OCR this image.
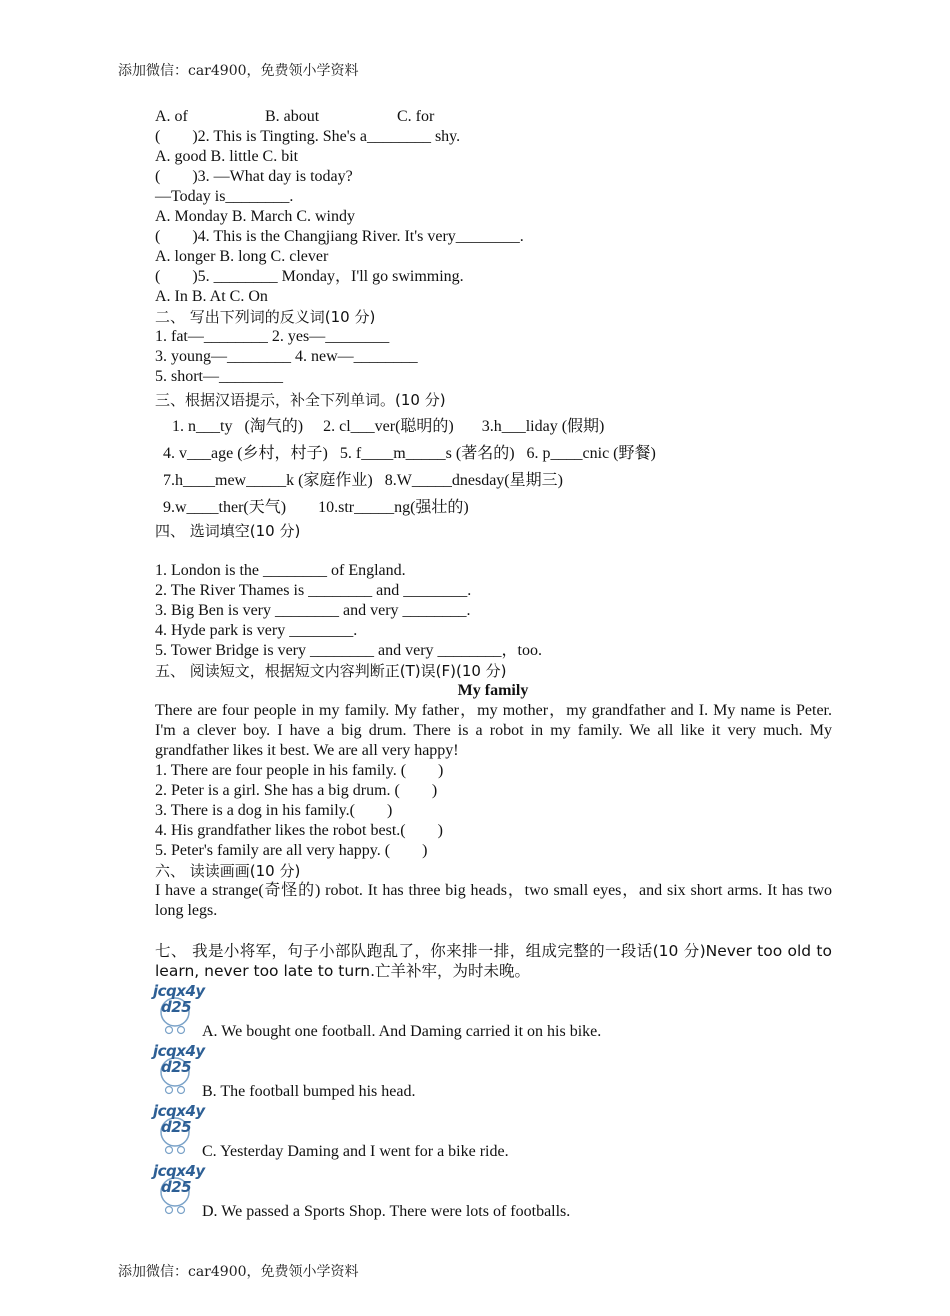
添加微信：car4900，免费领小学资料
A. of	B. about	C. for
(　　)2. This is Tingting. She's a________ shy.
A. good B. little C. bit
(　　)3. —What day is today?
—Today is________.
A. Monday B. March C. windy
(　　)4. This is the Changjiang River. It's very________.
A. longer B. long C. clever
(　　)5. ________ Monday，I'll go swimming.
A. In B. At C. On
二、 写出下列词的反义词(10 分)
1. fat—________ 2. yes—________
3. young—________ 4. new—________
5. short—________
三、根据汉语提示，补全下列单词。(10 分)
1. n___ty   (淘气的)     2. cl___ver(聪明的)       3.h___liday (假期)
4. v___age (乡村，村子)   5. f____m_____s (著名的)   6. p____cnic (野餐)
7.h____mew_____k (家庭作业)   8.W_____dnesday(星期三)
9.w____ther(天气)        10.str_____ng(强壮的)
四、 选词填空(10 分)
1. London is the ________ of England.
2. The River Thames is ________ and ________.
3. Big Ben is very ________ and very ________.
4. Hyde park is very ________.
5. Tower Bridge is very ________ and very ________，too.
五、 阅读短文，根据短文内容判断正(T)误(F)(10 分)
My family
There are four people in my family. My father，my mother，my grandfather and I. My name is Peter. I'm a clever boy. I have a big drum. There is a robot in my family. We all like it very much. My grandfather likes it best. We are all very happy!
1. There are four people in his family. (　　)
2. Peter is a girl. She has a big drum. (　　)
3. There is a dog in his family.(　　)
4. His grandfather likes the robot best.(　　)
5. Peter's family are all very happy. (　　)
六、 读读画画(10 分)
I have a strange(奇怪的) robot. It has three big heads，two small eyes，and six short arms. It has two long legs.
七、 我是小将军，句子小部队跑乱了，你来排一排，组成完整的一段话(10 分)Never too old to learn, never too late to turn.亡羊补牢，为时未晚。
jcqx4y
d25
A. We bought one football. And Daming carried it on his bike.
jcqx4y
d25
B. The football bumped his head.
jcqx4y
d25
C. Yesterday Daming and I went for a bike ride.
jcqx4y
d25
D. We passed a Sports Shop. There were lots of footballs.
添加微信：car4900，免费领小学资料
